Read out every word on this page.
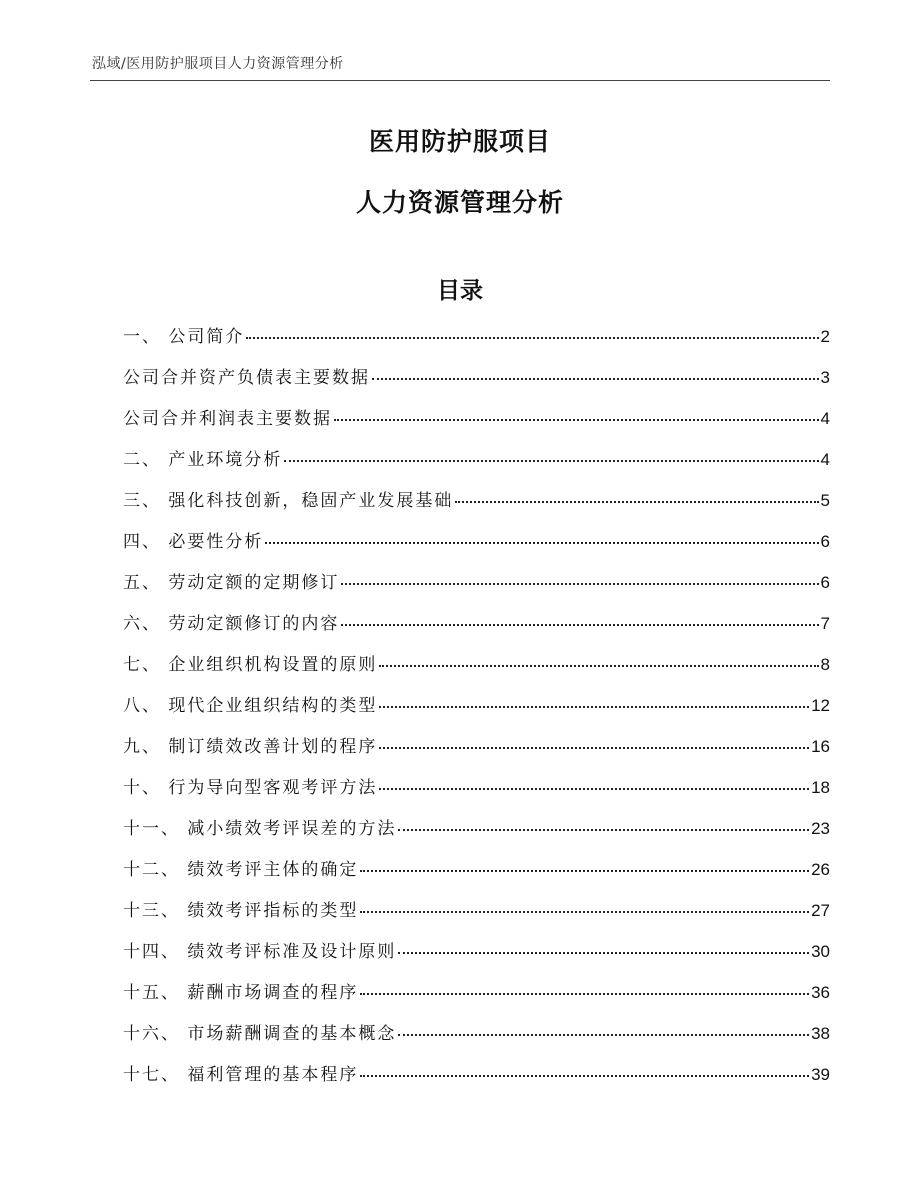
泓域/医用防护服项目人力资源管理分析
医用防护服项目
人力资源管理分析
目录
一、 公司简介	2
公司合并资产负债表主要数据	3
公司合并利润表主要数据	4
二、 产业环境分析	4
三、 强化科技创新，稳固产业发展基础	5
四、 必要性分析	6
五、 劳动定额的定期修订	6
六、 劳动定额修订的内容	7
七、 企业组织机构设置的原则	8
八、 现代企业组织结构的类型	12
九、 制订绩效改善计划的程序	16
十、 行为导向型客观考评方法	18
十一、 减小绩效考评误差的方法	23
十二、 绩效考评主体的确定	26
十三、 绩效考评指标的类型	27
十四、 绩效考评标准及设计原则	30
十五、 薪酬市场调查的程序	36
十六、 市场薪酬调查的基本概念	38
十七、 福利管理的基本程序	39
